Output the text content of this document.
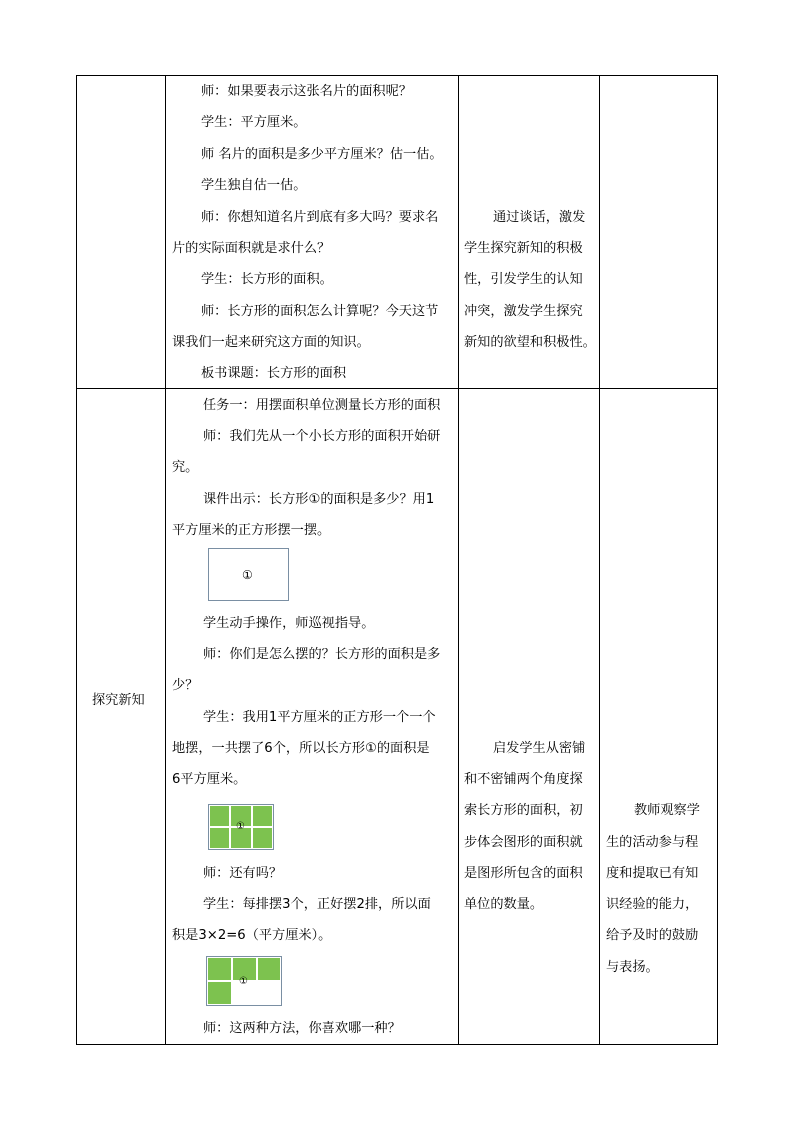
师：如果要表示这张名片的面积呢？
学生：平方厘米。
师 名片的面积是多少平方厘米？估一估。
学生独自估一估。
师：你想知道名片到底有多大吗？要求名
片的实际面积就是求什么？
学生：长方形的面积。
师：长方形的面积怎么计算呢？今天这节
课我们一起来研究这方面的知识。
板书课题：长方形的面积
通过谈话，激发
学生探究新知的积极
性，引发学生的认知
冲突，激发学生探究
新知的欲望和积极性。
探究新知
任务一：用摆面积单位测量长方形的面积
师：我们先从一个小长方形的面积开始研
究。
课件出示：长方形①的面积是多少？用1
平方厘米的正方形摆一摆。
①
学生动手操作，师巡视指导。
师：你们是怎么摆的？长方形的面积是多
少？
学生：我用1平方厘米的正方形一个一个
地摆，一共摆了6个，所以长方形①的面积是
6平方厘米。
①
师：还有吗？
学生：每排摆3个，正好摆2排，所以面
积是3×2=6（平方厘米）。
①
师：这两种方法，你喜欢哪一种？
启发学生从密铺
和不密铺两个角度探
索长方形的面积，初
步体会图形的面积就
是图形所包含的面积
单位的数量。
教师观察学
生的活动参与程
度和提取已有知
识经验的能力，
给予及时的鼓励
与表扬。
